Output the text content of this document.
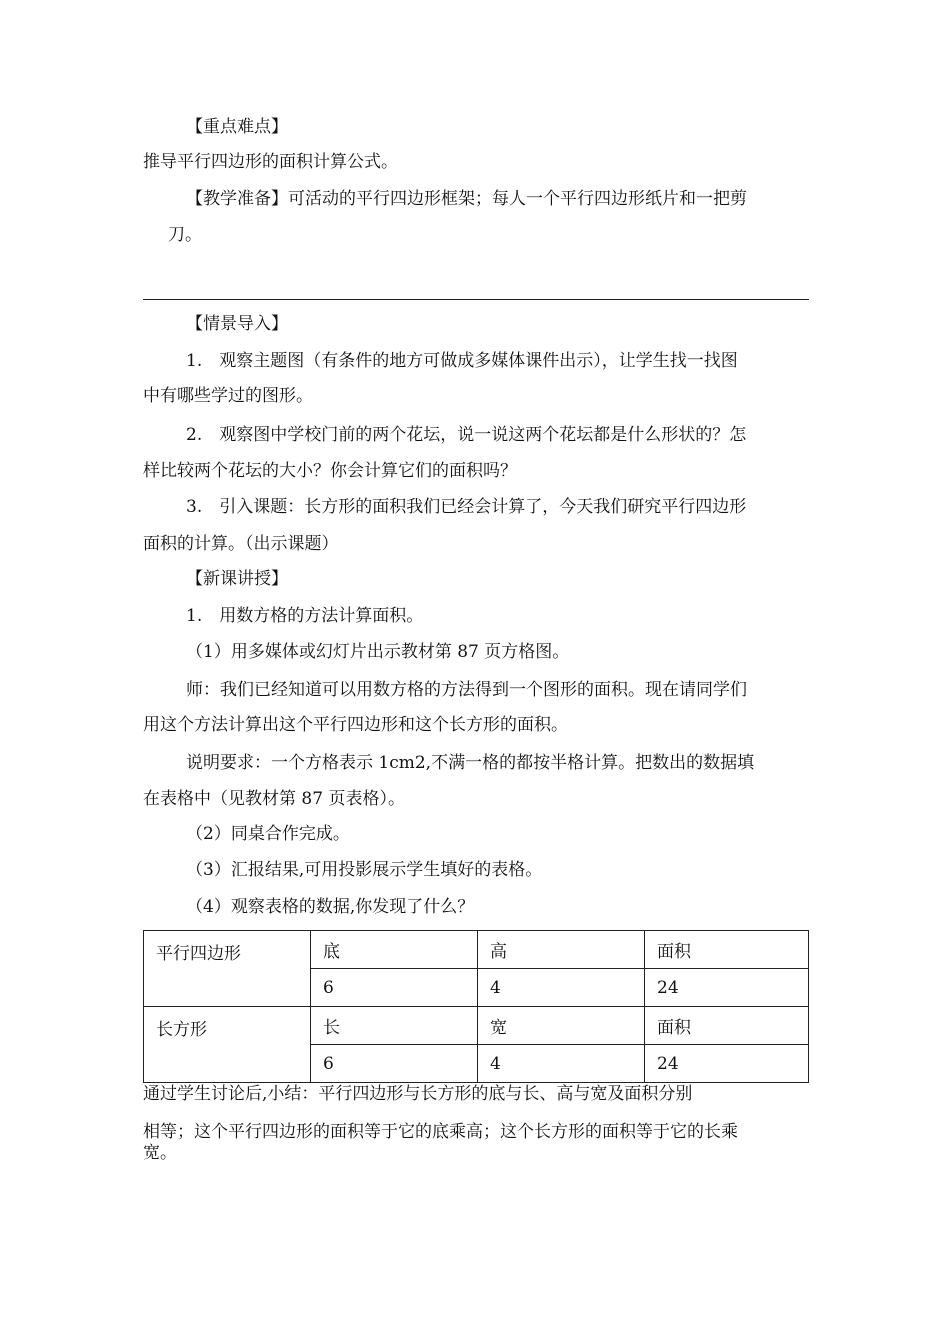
【重点难点】
推导平行四边形的面积计算公式。
【教学准备】可活动的平行四边形框架；每人一个平行四边形纸片和一把剪
刀。
【情景导入】
1.　观察主题图（有条件的地方可做成多媒体课件出示），让学生找一找图
中有哪些学过的图形。
2.　观察图中学校门前的两个花坛，说一说这两个花坛都是什么形状的？怎
样比较两个花坛的大小？你会计算它们的面积吗？
3.　引入课题：长方形的面积我们已经会计算了，今天我们研究平行四边形
面积的计算。（出示课题）
【新课讲授】
1.　用数方格的方法计算面积。
（1）用多媒体或幻灯片出示教材第 87 页方格图。
师：我们已经知道可以用数方格的方法得到一个图形的面积。现在请同学们
用这个方法计算出这个平行四边形和这个长方形的面积。
说明要求：一个方格表示 1cm2,不满一格的都按半格计算。把数出的数据填
在表格中（见教材第 87 页表格）。
（2）同桌合作完成。
（3）汇报结果,可用投影展示学生填好的表格。
（4）观察表格的数据,你发现了什么？
平行四边形	底	高	面积
	6	4	24
长方形	长	宽	面积
	6	4	24
通过学生讨论后,小结：平行四边形与长方形的底与长、高与宽及面积分别
相等；这个平行四边形的面积等于它的底乘高；这个长方形的面积等于它的长乘
宽。
